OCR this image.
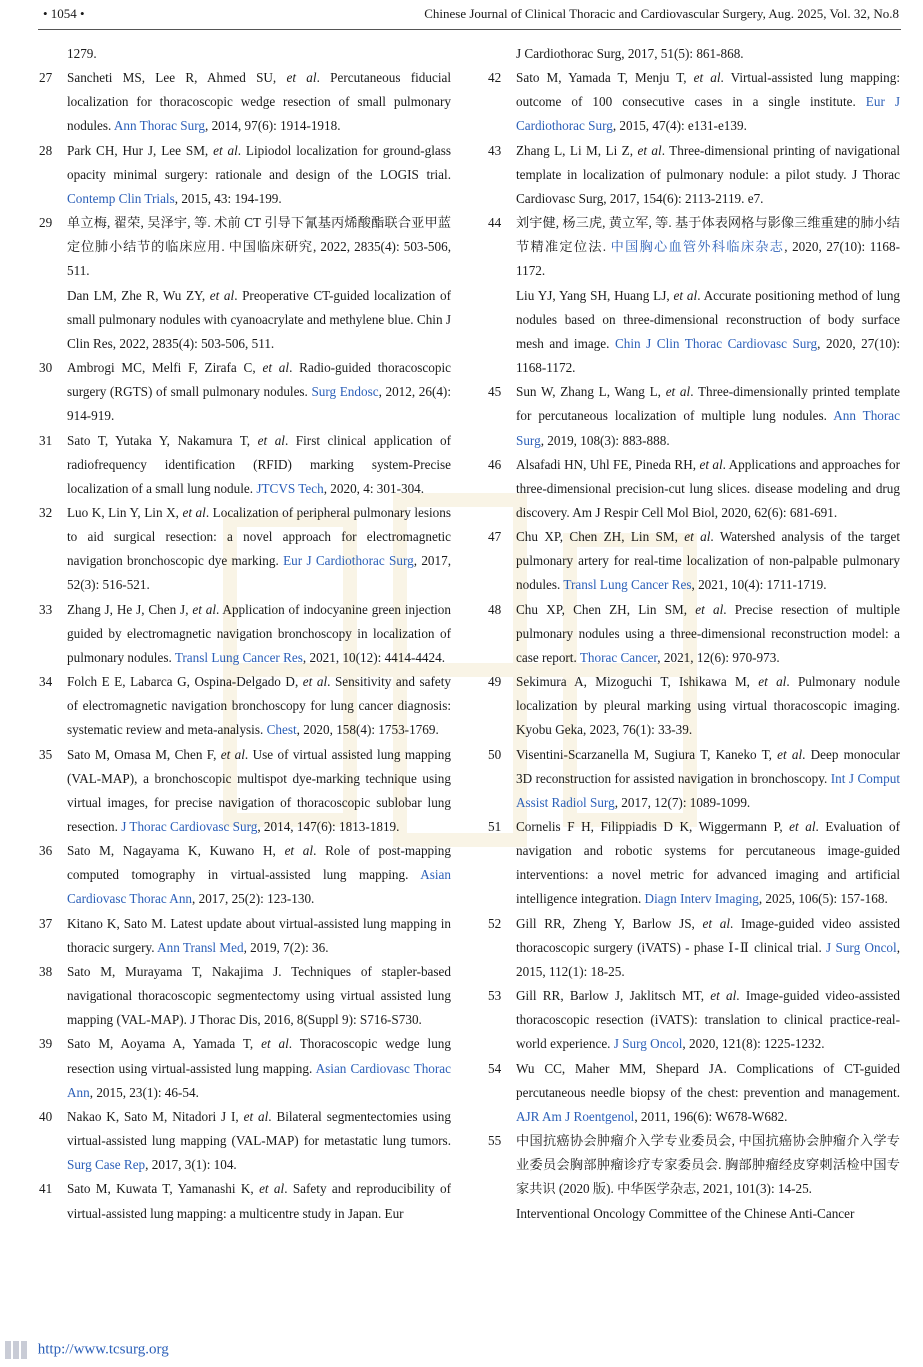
• 1054 •	Chinese Journal of Clinical Thoracic and Cardiovascular Surgery, Aug. 2025, Vol. 32, No.8

1279.

27 Sancheti MS, Lee R, Ahmed SU, et al. Percutaneous fiducial localization for thoracoscopic wedge resection of small pulmonary nodules. Ann Thorac Surg, 2014, 97(6): 1914-1918.

28 Park CH, Hur J, Lee SM, et al. Lipiodol localization for ground-glass opacity minimal surgery: rationale and design of the LOGIS trial. Contemp Clin Trials, 2015, 43: 194-199.

29 单立梅, 翟荣, 吴泽宇, 等. 术前 CT 引导下氰基丙烯酸酯联合亚甲蓝定位肺小结节的临床应用. 中国临床研究, 2022, 2835(4): 503-506, 511.

Dan LM, Zhe R, Wu ZY, et al. Preoperative CT-guided localization of small pulmonary nodules with cyanoacrylate and methylene blue. Chin J Clin Res, 2022, 2835(4): 503-506, 511.

30 Ambrogi MC, Melfi F, Zirafa C, et al. Radio-guided thoracoscopic surgery (RGTS) of small pulmonary nodules. Surg Endosc, 2012, 26(4): 914-919.

31 Sato T, Yutaka Y, Nakamura T, et al. First clinical application of radiofrequency identification (RFID) marking system-Precise localization of a small lung nodule. JTCVS Tech, 2020, 4: 301-304.

32 Luo K, Lin Y, Lin X, et al. Localization of peripheral pulmonary lesions to aid surgical resection: a novel approach for electromagnetic navigation bronchoscopic dye marking. Eur J Cardiothorac Surg, 2017, 52(3): 516-521.

33 Zhang J, He J, Chen J, et al. Application of indocyanine green injection guided by electromagnetic navigation bronchoscopy in localization of pulmonary nodules. Transl Lung Cancer Res, 2021, 10(12): 4414-4424.

34 Folch E E, Labarca G, Ospina-Delgado D, et al. Sensitivity and safety of electromagnetic navigation bronchoscopy for lung cancer diagnosis: systematic review and meta-analysis. Chest, 2020, 158(4): 1753-1769.

35 Sato M, Omasa M, Chen F, et al. Use of virtual assisted lung mapping (VAL-MAP), a bronchoscopic multispot dye-marking technique using virtual images, for precise navigation of thoracoscopic sublobar lung resection. J Thorac Cardiovasc Surg, 2014, 147(6): 1813-1819.

36 Sato M, Nagayama K, Kuwano H, et al. Role of post-mapping computed tomography in virtual-assisted lung mapping. Asian Cardiovasc Thorac Ann, 2017, 25(2): 123-130.

37 Kitano K, Sato M. Latest update about virtual-assisted lung mapping in thoracic surgery. Ann Transl Med, 2019, 7(2): 36.

38 Sato M, Murayama T, Nakajima J. Techniques of stapler-based navigational thoracoscopic segmentectomy using virtual assisted lung mapping (VAL-MAP). J Thorac Dis, 2016, 8(Suppl 9): S716-S730.

39 Sato M, Aoyama A, Yamada T, et al. Thoracoscopic wedge lung resection using virtual-assisted lung mapping. Asian Cardiovasc Thorac Ann, 2015, 23(1): 46-54.

40 Nakao K, Sato M, Nitadori J I, et al. Bilateral segmentectomies using virtual-assisted lung mapping (VAL-MAP) for metastatic lung tumors. Surg Case Rep, 2017, 3(1): 104.

41 Sato M, Kuwata T, Yamanashi K, et al. Safety and reproducibility of virtual-assisted lung mapping: a multicentre study in Japan. Eur

J Cardiothorac Surg, 2017, 51(5): 861-868.

42 Sato M, Yamada T, Menju T, et al. Virtual-assisted lung mapping: outcome of 100 consecutive cases in a single institute. Eur J Cardiothorac Surg, 2015, 47(4): e131-e139.

43 Zhang L, Li M, Li Z, et al. Three-dimensional printing of navigational template in localization of pulmonary nodule: a pilot study. J Thorac Cardiovasc Surg, 2017, 154(6): 2113-2119. e7.

44 刘宇健, 杨三虎, 黄立军, 等. 基于体表网格与影像三维重建的肺小结节精准定位法. 中国胸心血管外科临床杂志, 2020, 27(10): 1168-1172.

Liu YJ, Yang SH, Huang LJ, et al. Accurate positioning method of lung nodules based on three-dimensional reconstruction of body surface mesh and image. Chin J Clin Thorac Cardiovasc Surg, 2020, 27(10): 1168-1172.

45 Sun W, Zhang L, Wang L, et al. Three-dimensionally printed template for percutaneous localization of multiple lung nodules. Ann Thorac Surg, 2019, 108(3): 883-888.

46 Alsafadi HN, Uhl FE, Pineda RH, et al. Applications and approaches for three-dimensional precision-cut lung slices. disease modeling and drug discovery. Am J Respir Cell Mol Biol, 2020, 62(6): 681-691.

47 Chu XP, Chen ZH, Lin SM, et al. Watershed analysis of the target pulmonary artery for real-time localization of non-palpable pulmonary nodules. Transl Lung Cancer Res, 2021, 10(4): 1711-1719.

48 Chu XP, Chen ZH, Lin SM, et al. Precise resection of multiple pulmonary nodules using a three-dimensional reconstruction model: a case report. Thorac Cancer, 2021, 12(6): 970-973.

49 Sekimura A, Mizoguchi T, Ishikawa M, et al. Pulmonary nodule localization by pleural marking using virtual thoracoscopic imaging. Kyobu Geka, 2023, 76(1): 33-39.

50 Visentini-Scarzanella M, Sugiura T, Kaneko T, et al. Deep monocular 3D reconstruction for assisted navigation in bronchoscopy. Int J Comput Assist Radiol Surg, 2017, 12(7): 1089-1099.

51 Cornelis F H, Filippiadis D K, Wiggermann P, et al. Evaluation of navigation and robotic systems for percutaneous image-guided interventions: a novel metric for advanced imaging and artificial intelligence integration. Diagn Interv Imaging, 2025, 106(5): 157-168.

52 Gill RR, Zheng Y, Barlow JS, et al. Image-guided video assisted thoracoscopic surgery (iVATS) - phase Ⅰ-Ⅱ clinical trial. J Surg Oncol, 2015, 112(1): 18-25.

53 Gill RR, Barlow J, Jaklitsch MT, et al. Image-guided video-assisted thoracoscopic resection (iVATS): translation to clinical practice-real-world experience. J Surg Oncol, 2020, 121(8): 1225-1232.

54 Wu CC, Maher MM, Shepard JA. Complications of CT-guided percutaneous needle biopsy of the chest: prevention and management. AJR Am J Roentgenol, 2011, 196(6): W678-W682.

55 中国抗癌协会肿瘤介入学专业委员会, 中国抗癌协会肿瘤介入学专业委员会胸部肿瘤诊疗专家委员会. 胸部肿瘤经皮穿刺活检中国专家共识 (2020 版). 中华医学杂志, 2021, 101(3): 14-25.

Interventional Oncology Committee of the Chinese Anti-Cancer

http://www.tcsurg.org
